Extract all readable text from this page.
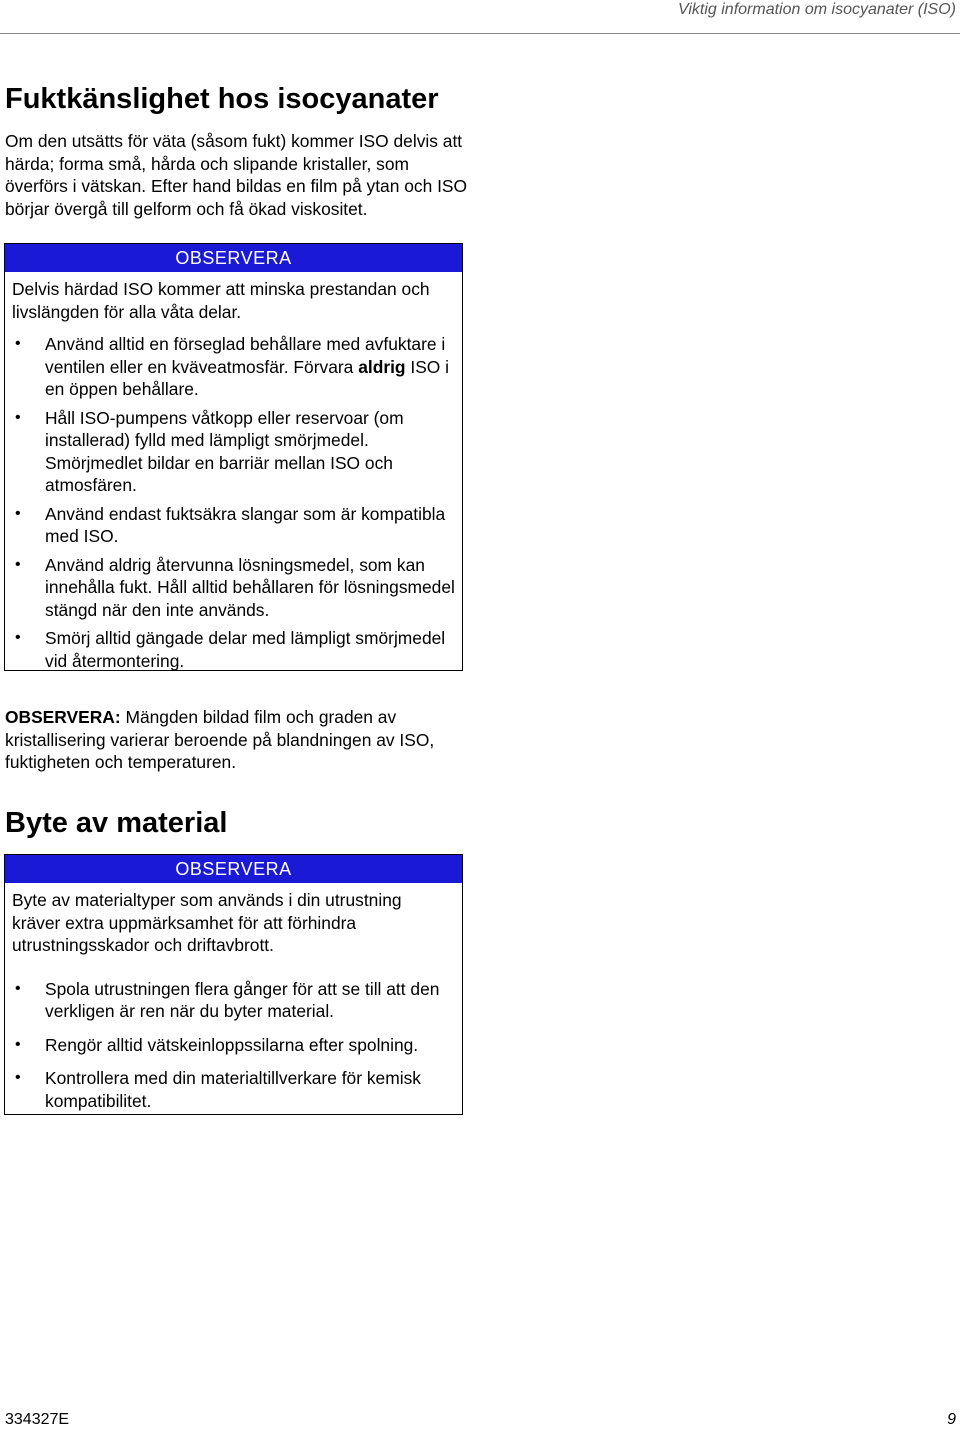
Viktig information om isocyanater (ISO)
Fuktkänslighet hos isocyanater

Om den utsätts för väta (såsom fukt) kommer ISO delvis att härda; forma små, hårda och slipande kristaller, som överförs i vätskan. Efter hand bildas en film på ytan och ISO börjar övergå till gelform och få ökad viskositet.

OBSERVERA
Delvis härdad ISO kommer att minska prestandan och livslängden för alla våta delar.
• Använd alltid en förseglad behållare med avfuktare i ventilen eller en kväveatmosfär. Förvara aldrig ISO i en öppen behållare.
• Håll ISO-pumpens våtkopp eller reservoar (om installerad) fylld med lämpligt smörjmedel. Smörjmedlet bildar en barriär mellan ISO och atmosfären.
• Använd endast fuktsäkra slangar som är kompatibla med ISO.
• Använd aldrig återvunna lösningsmedel, som kan innehålla fukt. Håll alltid behållaren för lösningsmedel stängd när den inte används.
• Smörj alltid gängade delar med lämpligt smörjmedel vid återmontering.

OBSERVERA: Mängden bildad film och graden av kristallisering varierar beroende på blandningen av ISO, fuktigheten och temperaturen.

Byte av material
OBSERVERA
Byte av materialtyper som används i din utrustning kräver extra uppmärksamhet för att förhindra utrustningsskador och driftavbrott.
• Spola utrustningen flera gånger för att se till att den verkligen är ren när du byter material.
• Rengör alltid vätskeinloppssilarna efter spolning.
• Kontrollera med din materialtillverkare för kemisk kompatibilitet.
334327E	9
